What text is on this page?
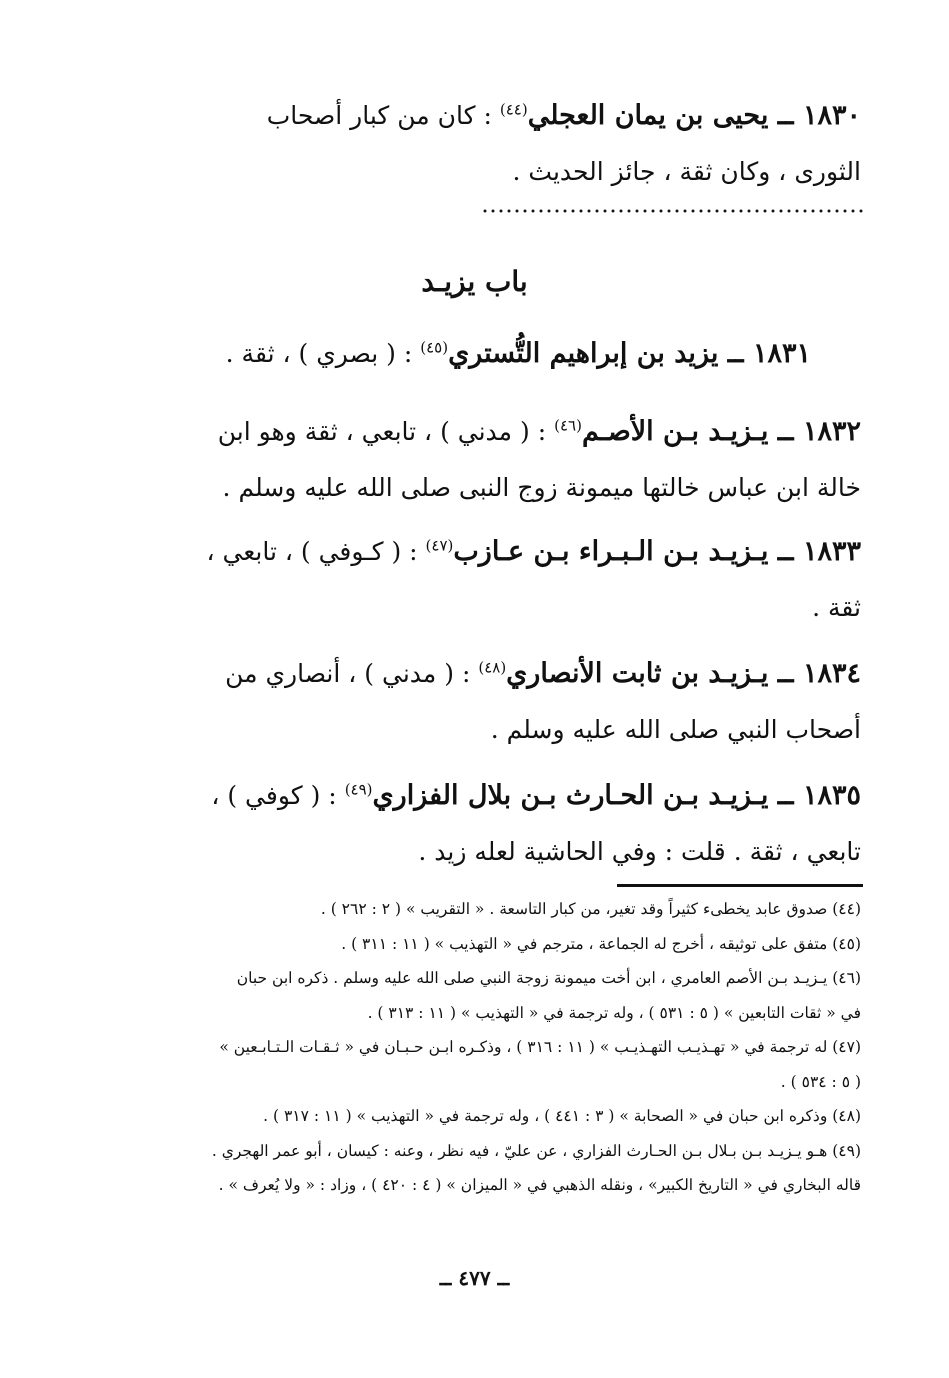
١٨٣٠ ــ يحيى بن يمان العجلي$^{(٤٤)}$ : كان من كبار أصحاب
الثورى ، وكان ثقة ، جائز الحديث .
باب يزيـد
١٨٣١ ــ يزيد بن إبراهيم التُّستري$^{(٤٥)}$ : ( بصري ) ، ثقة .
١٨٣٢ ــ يـزيـد بـن الأصـم$^{(٤٦)}$ : ( مدني ) ، تابعي ، ثقة وهو ابن
خالة ابن عباس خالتها ميمونة زوج النبى صلى الله عليه وسلم .
١٨٣٣ ــ يـزيـد بـن الـبـراء بـن عـازب$^{(٤٧)}$ : ( كـوفي ) ، تابعي ،
ثقة .
١٨٣٤ ــ يـزيـد بن ثابت الأنصاري$^{(٤٨)}$ : ( مدني ) ، أنصاري من
أصحاب النبي صلى الله عليه وسلم .
١٨٣٥ ــ يـزيـد بـن الحـارث بـن بلال الفزاري$^{(٤٩)}$ : ( كوفي ) ،
تابعي ، ثقة . قلت : وفي الحاشية لعله زيد .
(٤٤) صدوق عابد يخطىء كثيراً وقد تغير، من كبار التاسعة . « التقريب » ( ٢ : ٢٦٢ ) .
(٤٥) متفق على توثيقه ، أخرج له الجماعة ، مترجم في « التهذيب » ( ١١ : ٣١١ ) .
(٤٦) يـزيـد بـن الأصم العامري ، ابن أخت ميمونة زوجة النبي صلى الله عليه وسلم . ذكره ابن حبان
في « ثقات التابعين » ( ٥ : ٥٣١ ) ، وله ترجمة في « التهذيب » ( ١١ : ٣١٣ ) .
(٤٧) له ترجمة في « تهـذيـب التهـذيـب » ( ١١ : ٣١٦ ) ، وذكـره ابـن حـبـان في « ثـقـات الـتـابـعين »
( ٥ : ٥٣٤ ) .
(٤٨) وذكره ابن حبان في « الصحابة » ( ٣ : ٤٤١ ) ، وله ترجمة في « التهذيب » ( ١١ : ٣١٧ ) .
(٤٩) هـو يـزيـد بـن بـلال بـن الحـارث الفزاري ، عن عليّ ، فيه نظر ، وعنه : كيسان ، أبو عمر الهجري .
قاله البخاري في « التاريخ الكبير» ، ونقله الذهبي في « الميزان » ( ٤ : ٤٢٠ ) ، وزاد : « ولا يُعرف » .
ــ ٤٧٧ ــ
